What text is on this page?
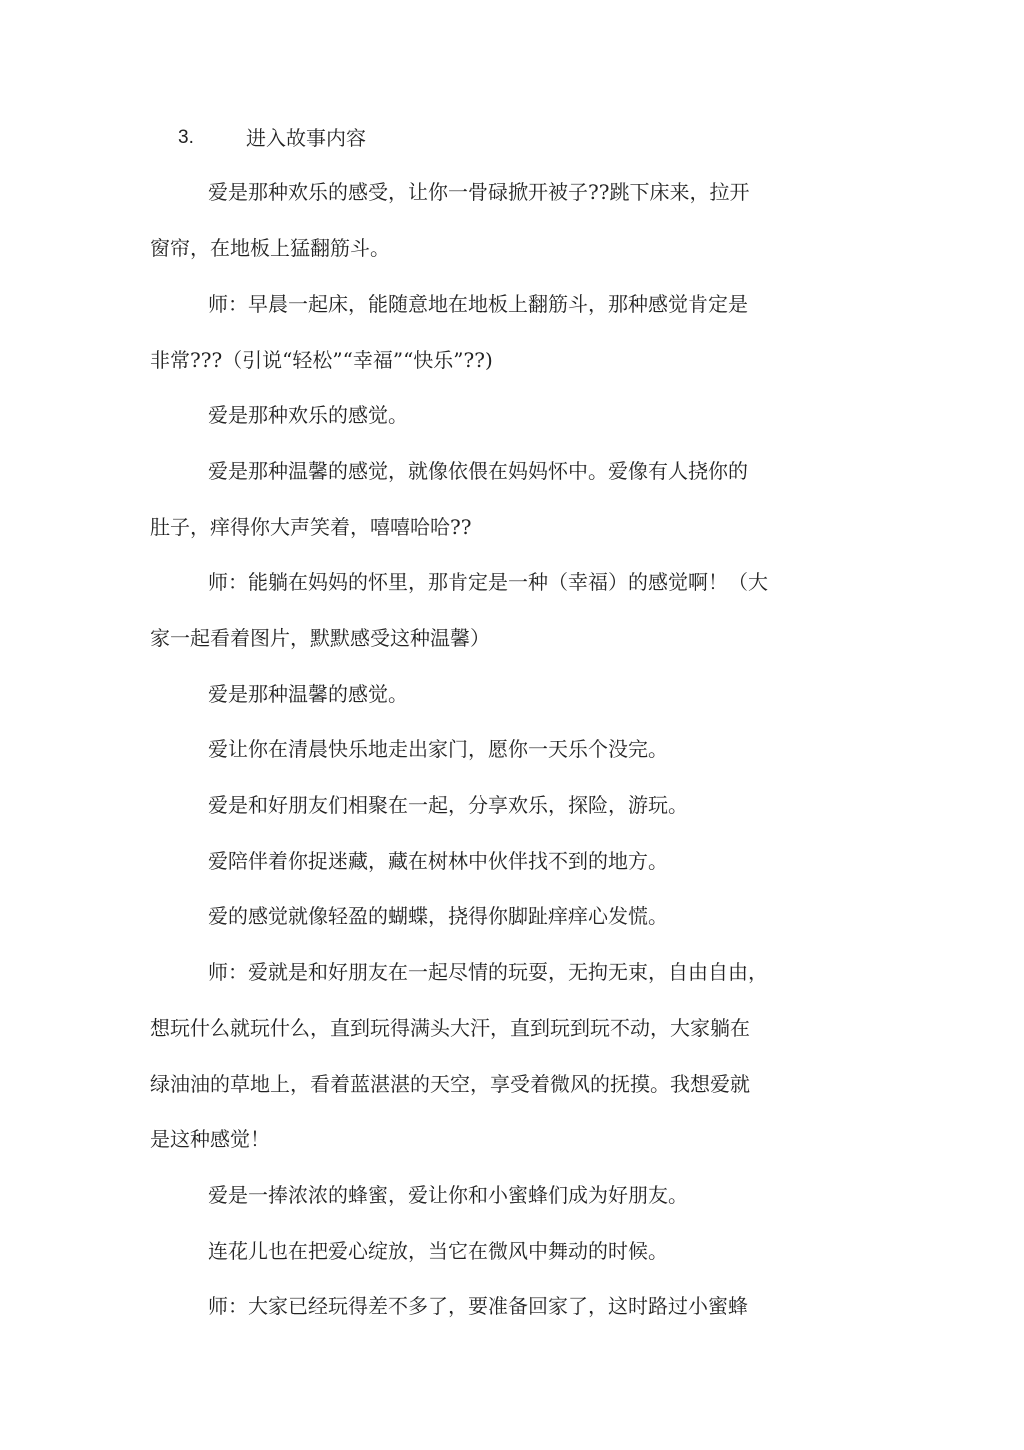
3.	进入故事内容
爱是那种欢乐的感受，让你一骨碌掀开被子??跳下床来，拉开
窗帘，在地板上猛翻筋斗。
师：早晨一起床，能随意地在地板上翻筋斗，那种感觉肯定是
非常???（引说“轻松”“幸福”“快乐”??)
爱是那种欢乐的感觉。
爱是那种温馨的感觉，就像依偎在妈妈怀中。爱像有人挠你的
肚子，痒得你大声笑着，嘻嘻哈哈??
师：能躺在妈妈的怀里，那肯定是一种（幸福）的感觉啊！（大
家一起看着图片，默默感受这种温馨）
爱是那种温馨的感觉。
爱让你在清晨快乐地走出家门，愿你一天乐个没完。
爱是和好朋友们相聚在一起，分享欢乐，探险，游玩。
爱陪伴着你捉迷藏，藏在树林中伙伴找不到的地方。
爱的感觉就像轻盈的蝴蝶，挠得你脚趾痒痒心发慌。
师：爱就是和好朋友在一起尽情的玩耍，无拘无束，自由自由，
想玩什么就玩什么，直到玩得满头大汗，直到玩到玩不动，大家躺在
绿油油的草地上，看着蓝湛湛的天空，享受着微风的抚摸。我想爱就
是这种感觉！
爱是一捧浓浓的蜂蜜，爱让你和小蜜蜂们成为好朋友。
连花儿也在把爱心绽放，当它在微风中舞动的时候。
师：大家已经玩得差不多了，要准备回家了，这时路过小蜜蜂
